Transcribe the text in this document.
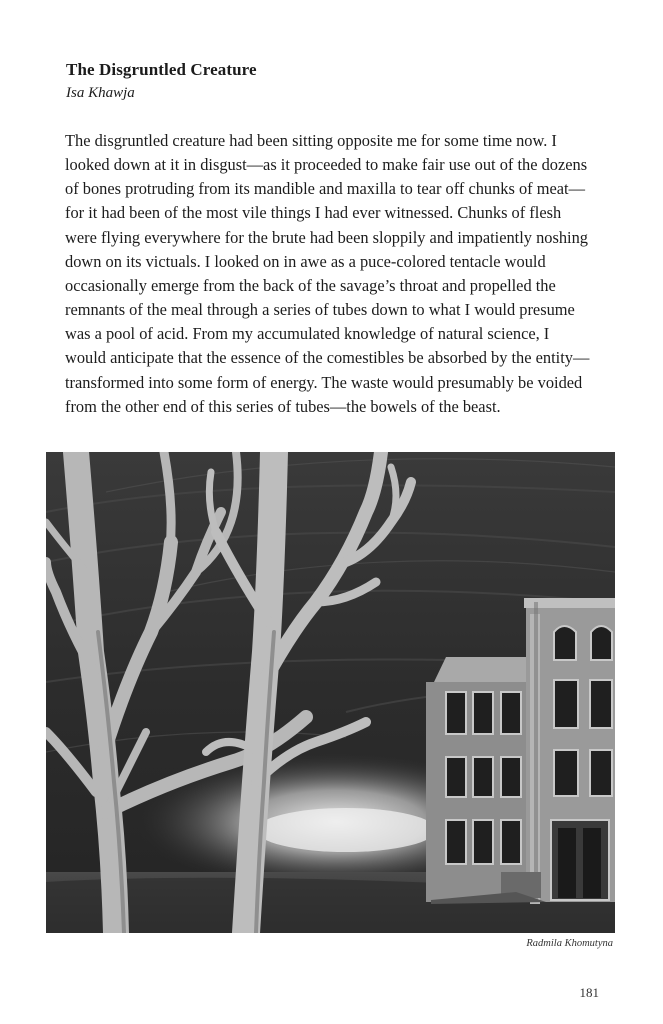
The Disgruntled Creature
Isa Khawja
The disgruntled creature had been sitting opposite me for some time now. I
looked down at it in disgust—as it proceeded to make fair use out of the dozens
of bones protruding from its mandible and maxilla to tear off chunks of meat—
for it had been of the most vile things I had ever witnessed. Chunks of flesh
were flying everywhere for the brute had been sloppily and impatiently noshing
down on its victuals. I looked on in awe as a puce-colored tentacle would
occasionally emerge from the back of the savage’s throat and propelled the
remnants of the meal through a series of tubes down to what I would presume
was a pool of acid. From my accumulated knowledge of natural science, I
would anticipate that the essence of the comestibles be absorbed by the entity—
transformed into some form of energy. The waste would presumably be voided
from the other end of this series of tubes—the bowels of the beast.
Radmila Khomutyna
181
